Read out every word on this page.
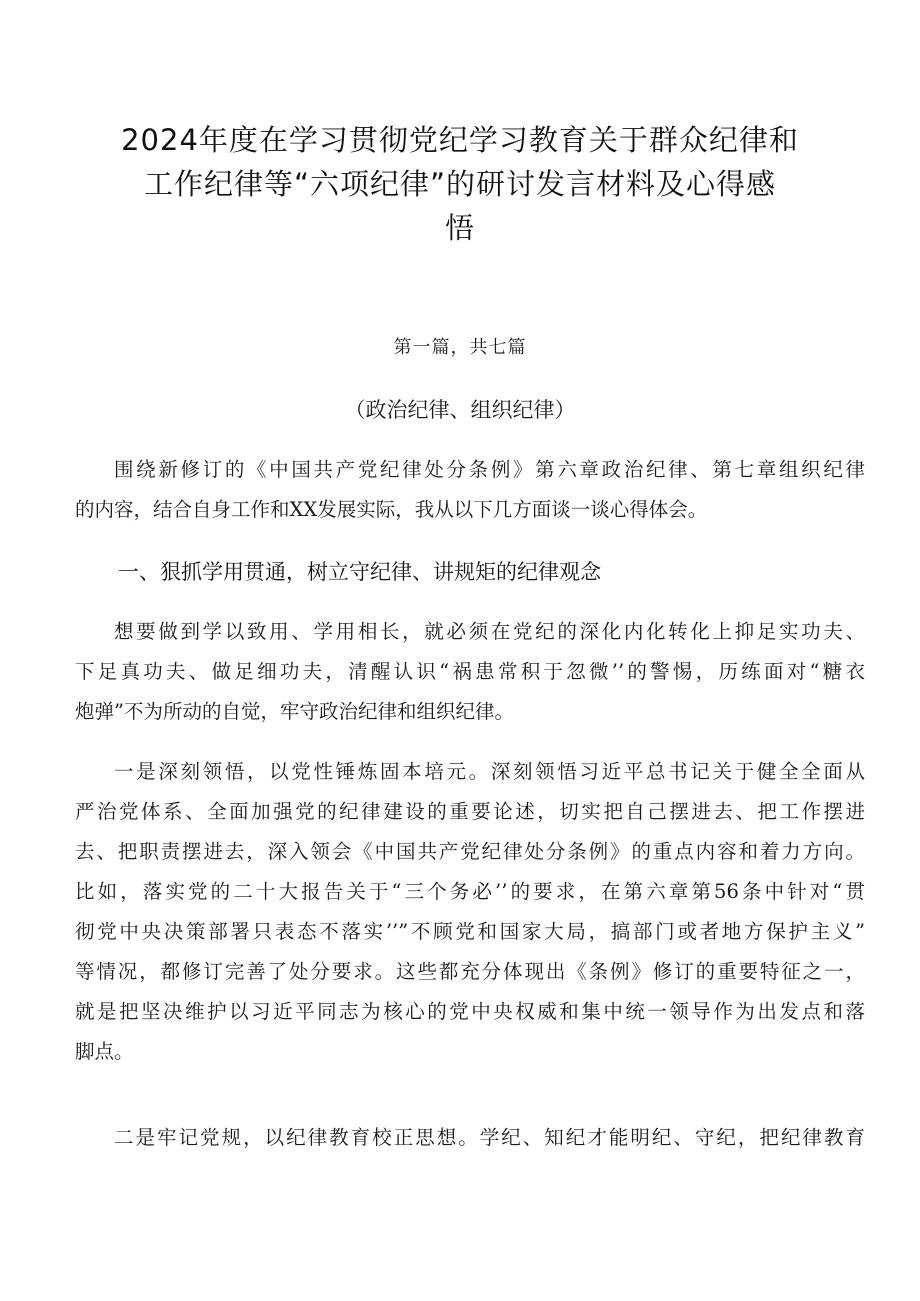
2024年度在学习贯彻党纪学习教育关于群众纪律和
工作纪律等“六项纪律”的研讨发言材料及心得感
悟

第一篇，共七篇

（政治纪律、组织纪律）

围绕新修订的《中国共产党纪律处分条例》第六章政治纪律、第七章组织纪律
的内容，结合自身工作和XX发展实际，我从以下几方面谈一谈心得体会。

一、狠抓学用贯通，树立守纪律、讲规矩的纪律观念

想要做到学以致用、学用相长，就必须在党纪的深化内化转化上抑足实功夫、
下足真功夫、做足细功夫，清醒认识“祸患常积于忽微’’的警惕，历练面对“糖衣
炮弹”不为所动的自觉，牢守政治纪律和组织纪律。

一是深刻领悟，以党性锤炼固本培元。深刻领悟习近平总书记关于健全全面从
严治党体系、全面加强党的纪律建设的重要论述，切实把自己摆进去、把工作摆进
去、把职责摆进去，深入领会《中国共产党纪律处分条例》的重点内容和着力方向。
比如，落实党的二十大报告关于“三个务必’’的要求，在第六章第56条中针对“贯
彻党中央决策部署只表态不落实’’”不顾党和国家大局，搞部门或者地方保护主义”
等情况，都修订完善了处分要求。这些都充分体现出《条例》修订的重要特征之一，
就是把坚决维护以习近平同志为核心的党中央权威和集中统一领导作为出发点和落
脚点。

二是牢记党规，以纪律教育校正思想。学纪、知纪才能明纪、守纪，把纪律教育
